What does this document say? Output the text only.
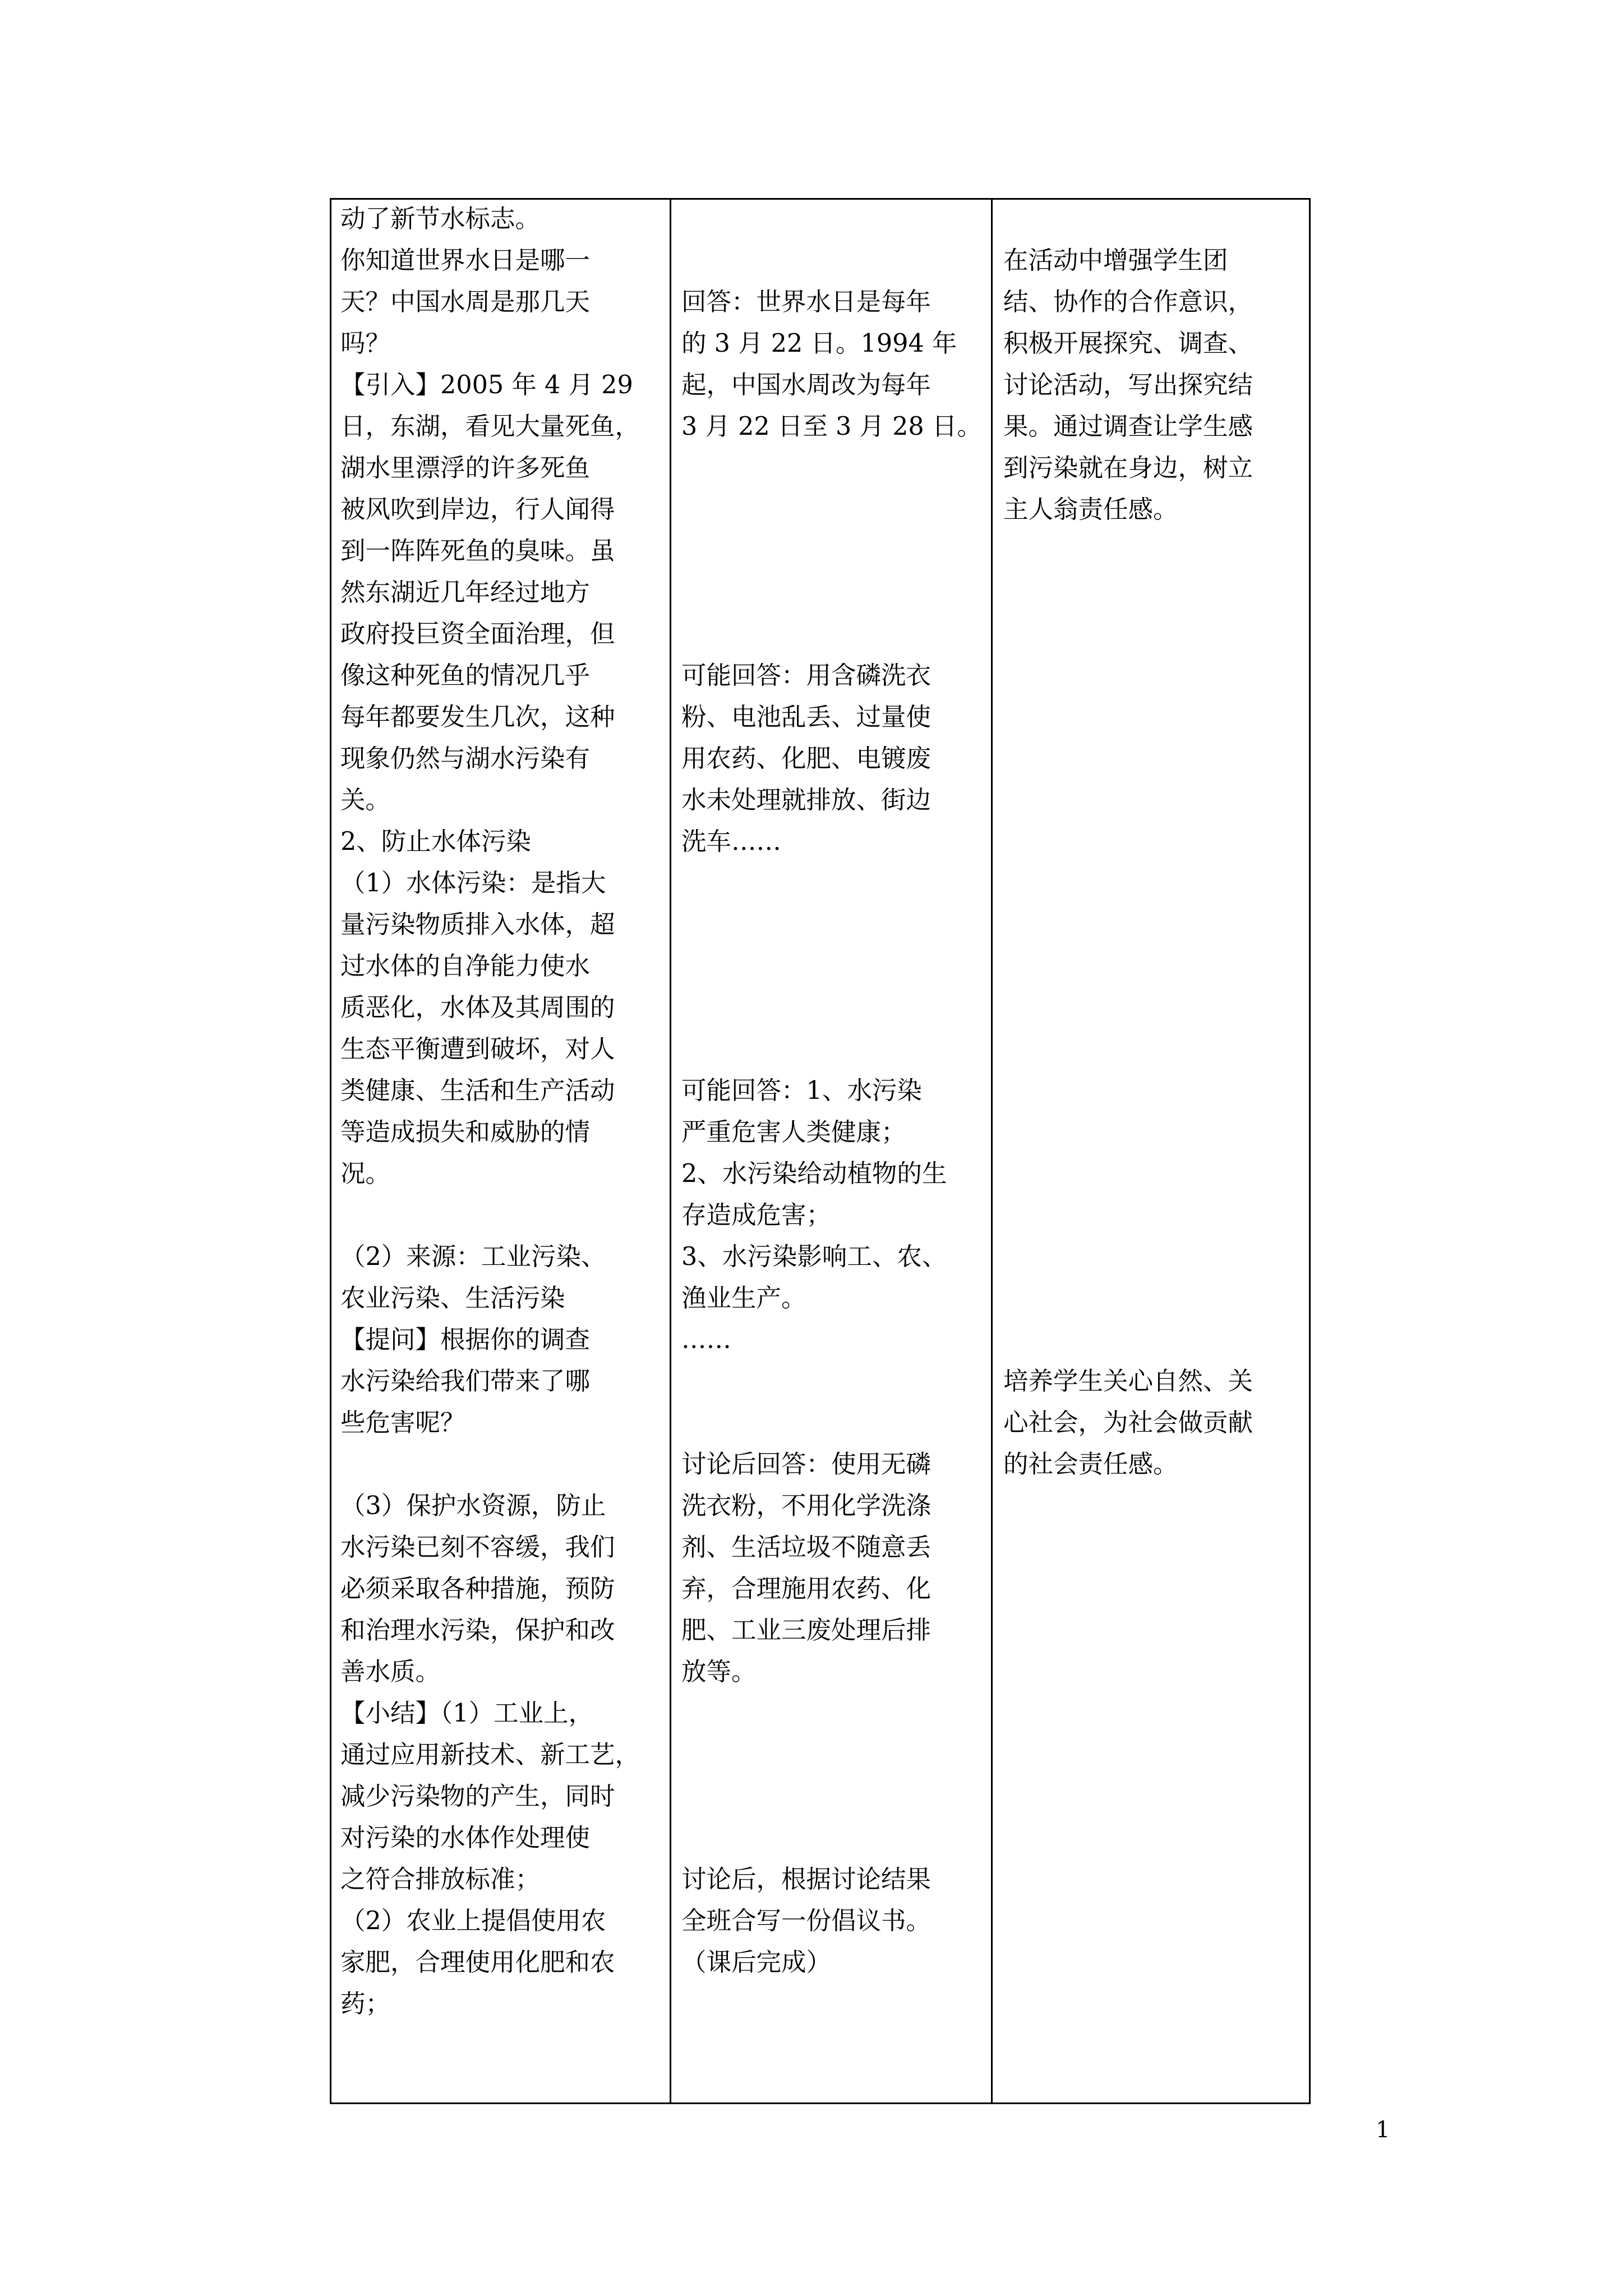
动了新节水标志。
你知道世界水日是哪一
天？中国水周是那几天
吗？
【引入】2005 年 4 月 29
日，东湖，看见大量死鱼，
湖水里漂浮的许多死鱼
被风吹到岸边，行人闻得
到一阵阵死鱼的臭味。虽
然东湖近几年经过地方
政府投巨资全面治理，但
像这种死鱼的情况几乎
每年都要发生几次，这种
现象仍然与湖水污染有
关。
2、防止水体污染
（1）水体污染：是指大
量污染物质排入水体，超
过水体的自净能力使水
质恶化，水体及其周围的
生态平衡遭到破坏，对人
类健康、生活和生产活动
等造成损失和威胁的情
况。
（2）来源：工业污染、
农业污染、生活污染
【提问】根据你的调查
水污染给我们带来了哪
些危害呢？
（3）保护水资源，防止
水污染已刻不容缓，我们
必须采取各种措施，预防
和治理水污染，保护和改
善水质。
【小结】（1）工业上，
通过应用新技术、新工艺，
减少污染物的产生，同时
对污染的水体作处理使
之符合排放标准；
（2）农业上提倡使用农
家肥，合理使用化肥和农
药；
回答：世界水日是每年
的 3 月 22 日。1994 年
起，中国水周改为每年
3 月 22 日至 3 月 28 日。
可能回答：用含磷洗衣
粉、电池乱丢、过量使
用农药、化肥、电镀废
水未处理就排放、街边
洗车……
可能回答：1、水污染
严重危害人类健康；
2、水污染给动植物的生
存造成危害；
3、水污染影响工、农、
渔业生产。
……
讨论后回答：使用无磷
洗衣粉，不用化学洗涤
剂、生活垃圾不随意丢
弃，合理施用农药、化
肥、工业三废处理后排
放等。
讨论后，根据讨论结果
全班合写一份倡议书。
（课后完成）
在活动中增强学生团
结、协作的合作意识，
积极开展探究、调查、
讨论活动，写出探究结
果。通过调查让学生感
到污染就在身边，树立
主人翁责任感。
培养学生关心自然、关
心社会，为社会做贡献
的社会责任感。
1
